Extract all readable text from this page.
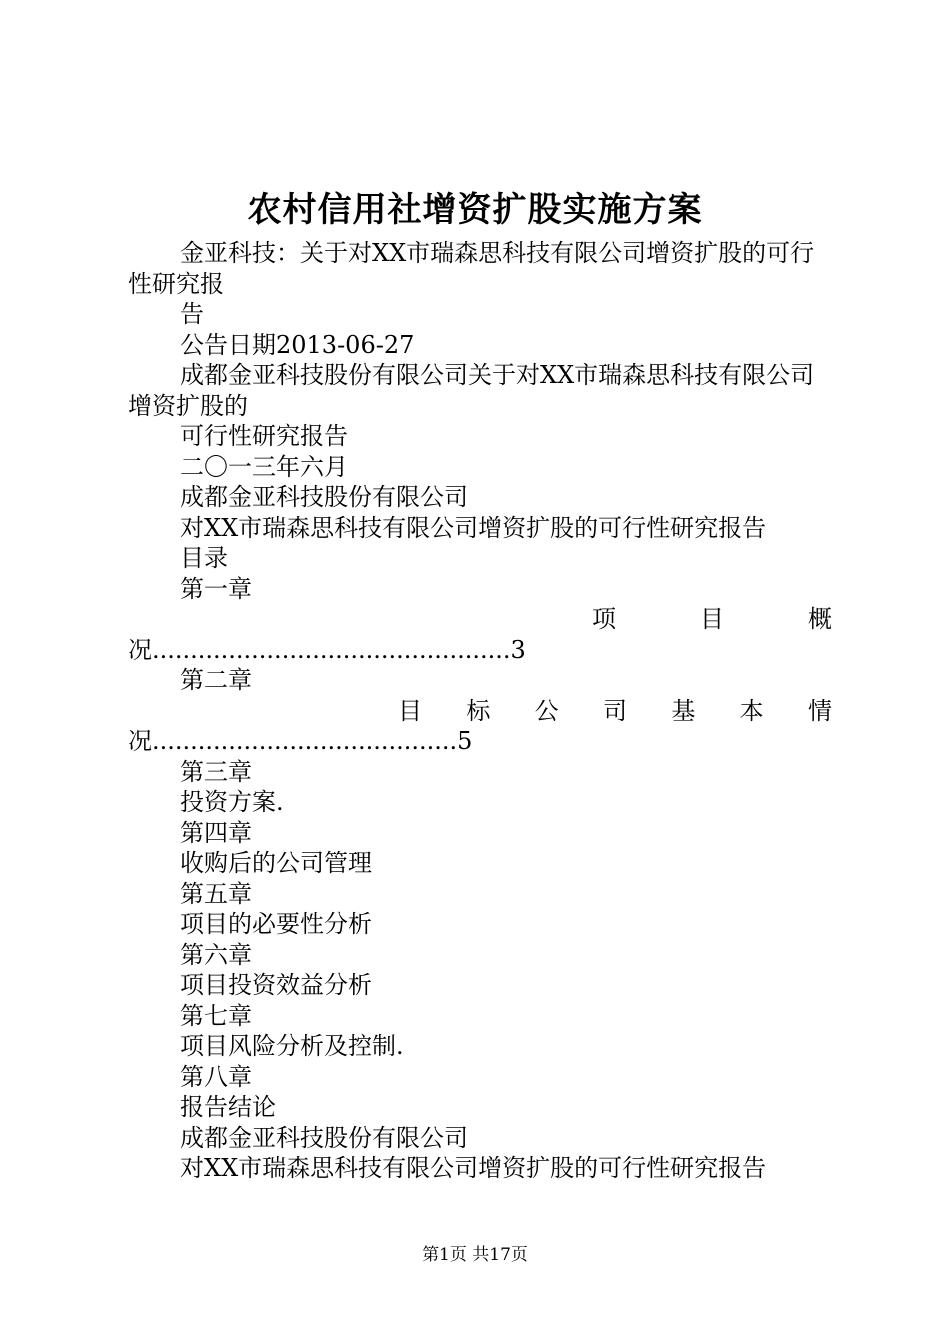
农村信用社增资扩股实施方案
金亚科技：关于对XX市瑞森思科技有限公司增资扩股的可行性研究报
告
公告日期2013-06-27
成都金亚科技股份有限公司关于对XX市瑞森思科技有限公司增资扩股的
可行性研究报告
二〇一三年六月
成都金亚科技股份有限公司
对XX市瑞森思科技有限公司增资扩股的可行性研究报告
目录
第一章
项	目	概
况...............................................3
第二章
目 标 公 司 基 本 情
况........................................5
第三章
投资方案.
第四章
收购后的公司管理
第五章
项目的必要性分析
第六章
项目投资效益分析
第七章
项目风险分析及控制.
第八章
报告结论
成都金亚科技股份有限公司
对XX市瑞森思科技有限公司增资扩股的可行性研究报告
第1页 共17页
